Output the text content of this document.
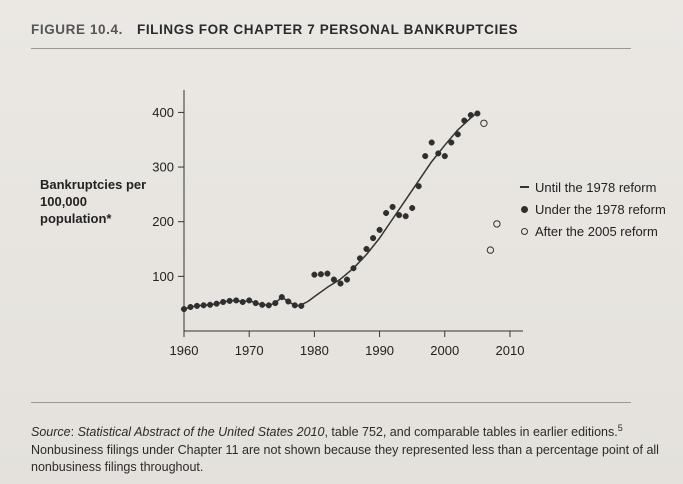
FIGURE 10.4. FILINGS FOR CHAPTER 7 PERSONAL BANKRUPTCIES
1960	1970	1980	1990	2000	2010
100
200
300
400
Bankruptcies per 100,000 population*
Until the 1978 reform
Under the 1978 reform
After the 2005 reform
Source: Statistical Abstract of the United States 2010, table 752, and comparable tables in earlier editions.$^5$ Nonbusiness filings under Chapter 11 are not shown because they represented less than a percentage point of all nonbusiness filings throughout.
